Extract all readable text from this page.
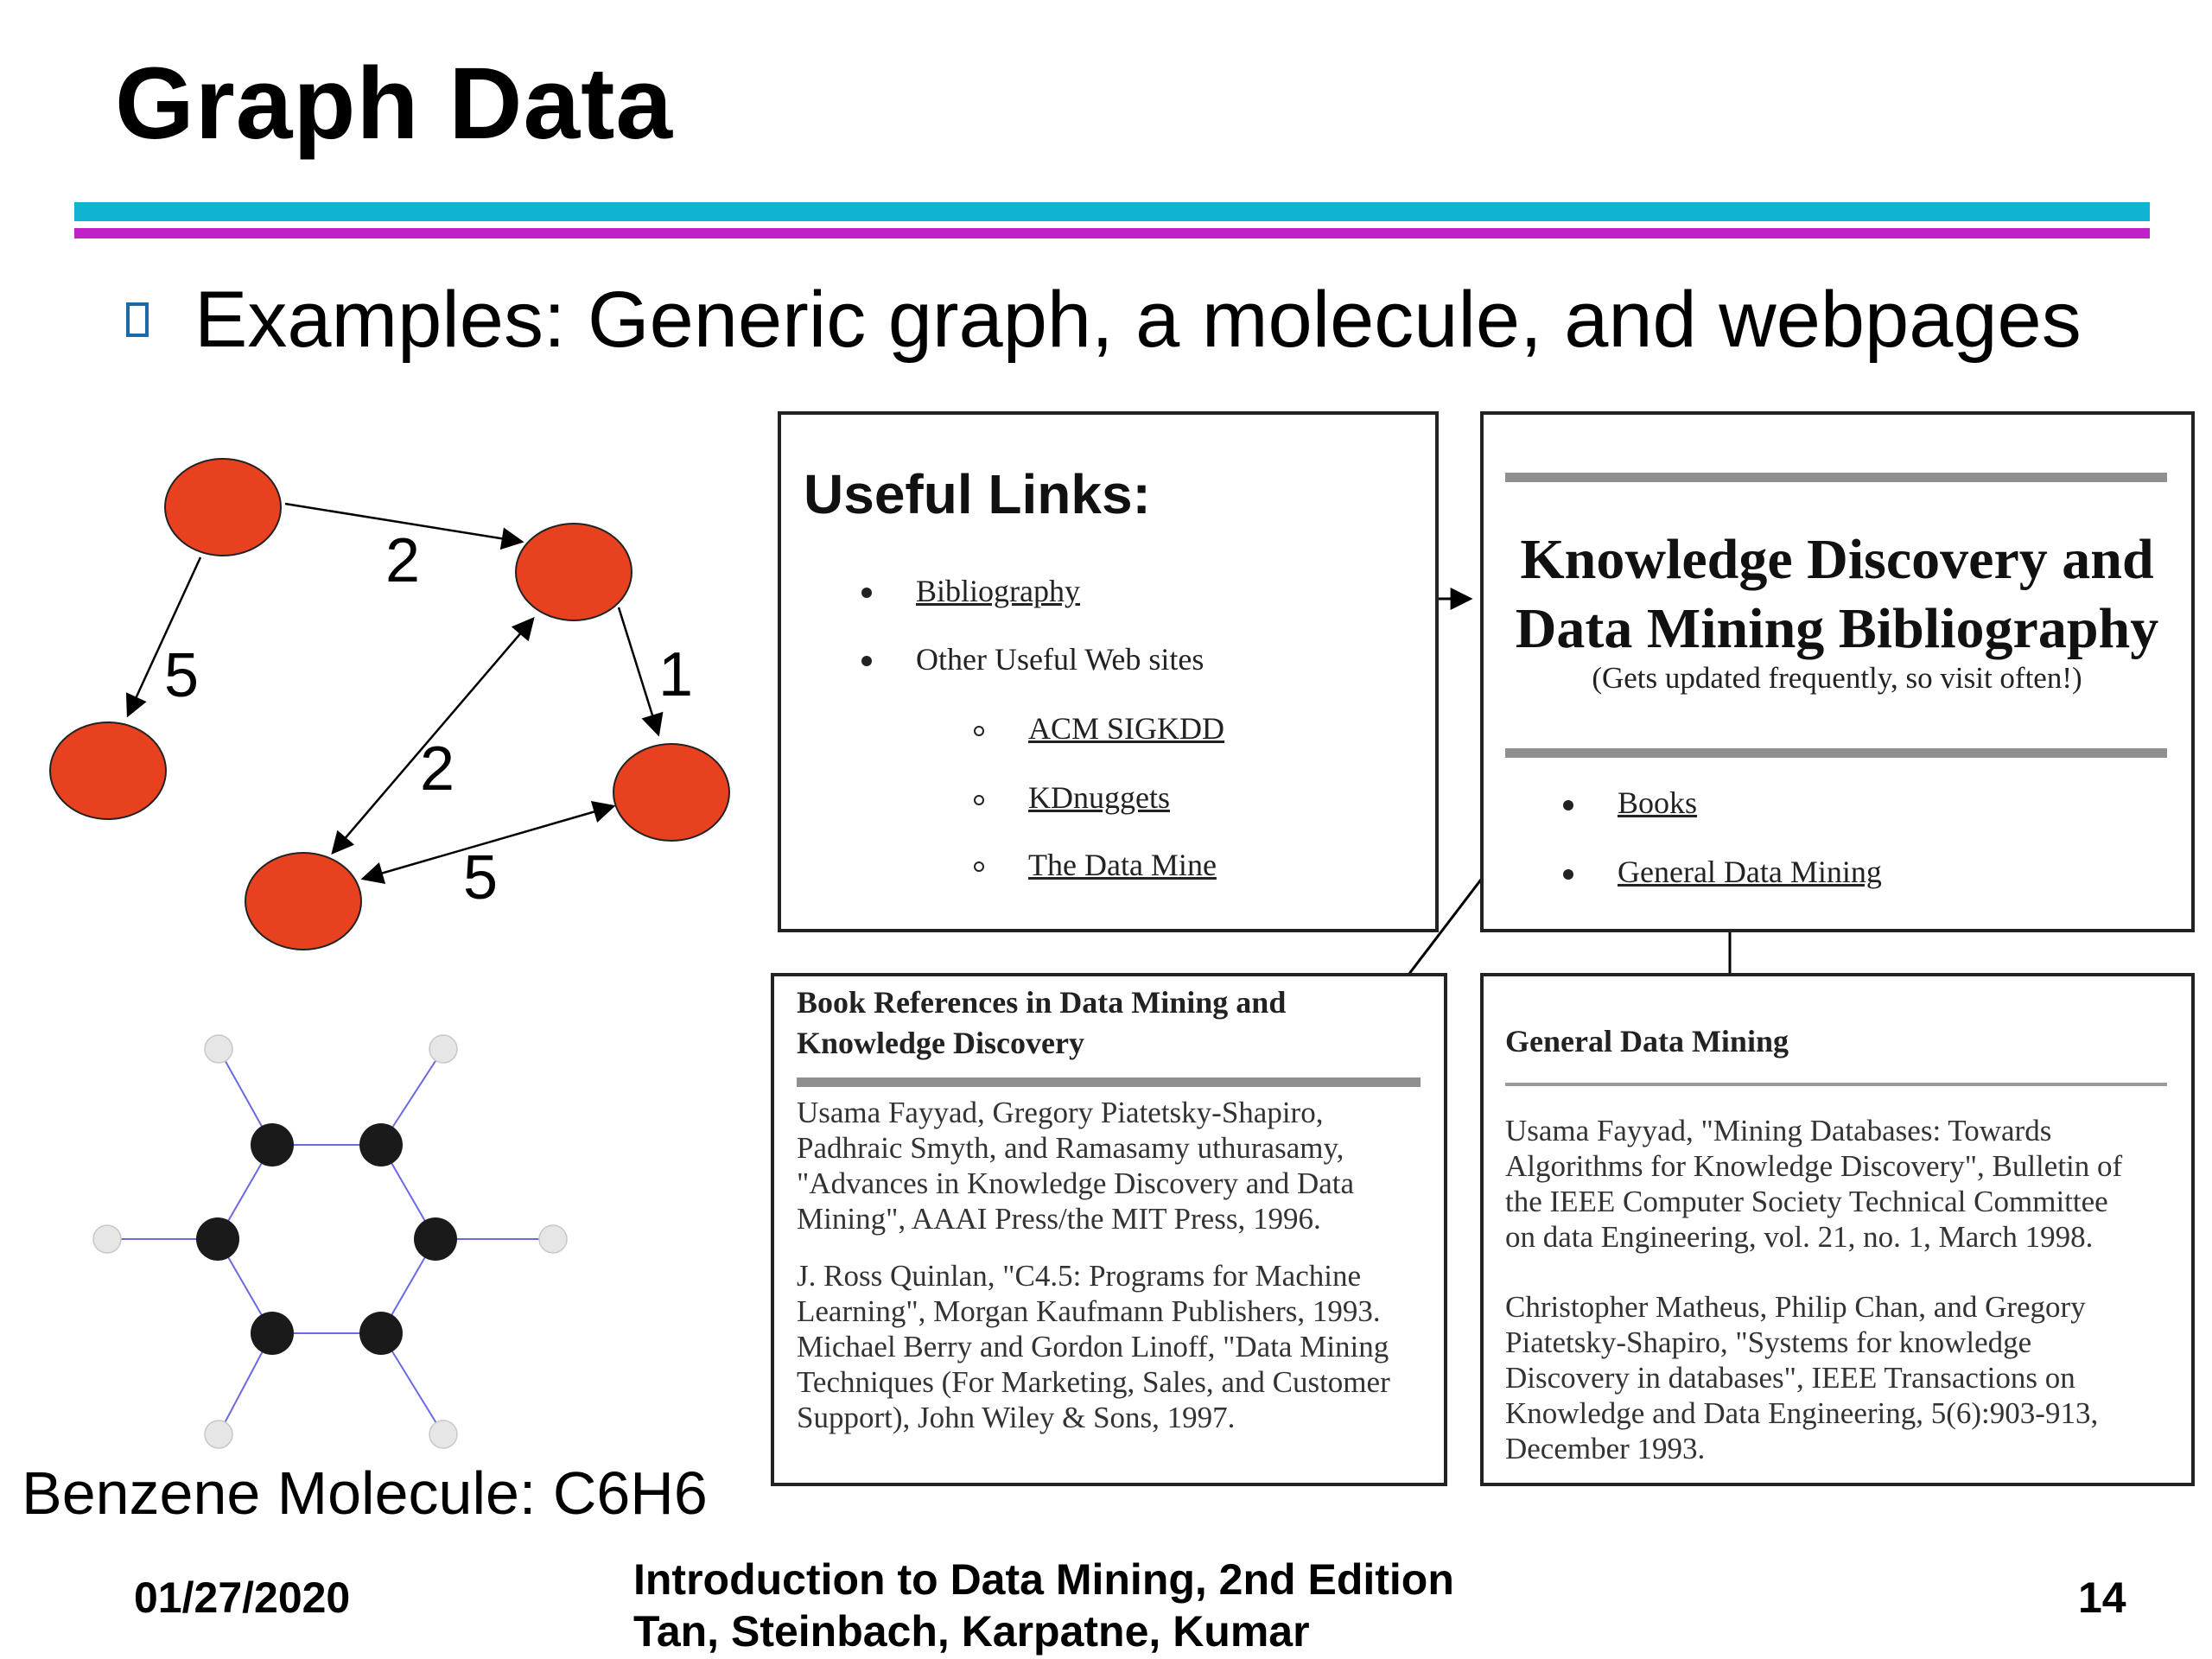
Graph Data
Examples: Generic graph, a molecule, and webpages
2
5	1
2
5
Useful Links:
Bibliography
Other Useful Web sites
ACM SIGKDD
KDnuggets
The Data Mine
Knowledge Discovery and
Data Mining Bibliography
(Gets updated frequently, so visit often!)
Books
General Data Mining
Book References in Data Mining and
Knowledge Discovery
Usama Fayyad, Gregory Piatetsky-Shapiro,
Padhraic Smyth, and Ramasamy uthurasamy,
"Advances in Knowledge Discovery and Data
Mining", AAAI Press/the MIT Press, 1996.
J. Ross Quinlan, "C4.5: Programs for Machine
Learning", Morgan Kaufmann Publishers, 1993.
Michael Berry and Gordon Linoff, "Data Mining
Techniques (For Marketing, Sales, and Customer
Support), John Wiley & Sons, 1997.
General Data Mining
Usama Fayyad, "Mining Databases: Towards
Algorithms for Knowledge Discovery", Bulletin of
the IEEE Computer Society Technical Committee
on data Engineering, vol. 21, no. 1, March 1998.
Christopher Matheus, Philip Chan, and Gregory
Piatetsky-Shapiro, "Systems for knowledge
Discovery in databases", IEEE Transactions on
Knowledge and Data Engineering, 5(6):903-913,
December 1993.
Benzene Molecule: C6H6
01/27/2020	Introduction to Data Mining, 2nd Edition
Tan, Steinbach, Karpatne, Kumar
14
